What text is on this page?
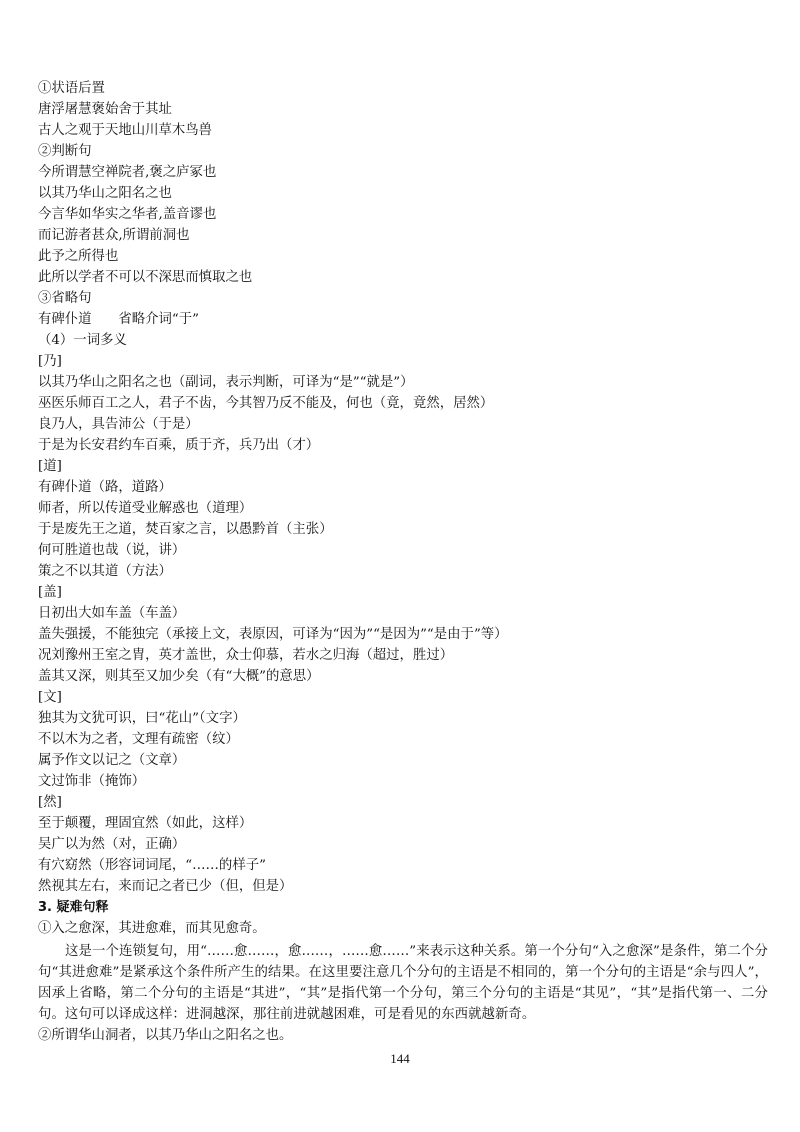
①状语后置
唐浮屠慧褒始舍于其址
古人之观于天地山川草木鸟兽
②判断句
今所谓慧空禅院者,褒之庐冢也
以其乃华山之阳名之也
今言华如华实之华者,盖音谬也
而记游者甚众,所谓前洞也
此予之所得也
此所以学者不可以不深思而慎取之也
③省略句
有碑仆道　　省略介词“于”
（4）一词多义
[乃]
以其乃华山之阳名之也（副词，表示判断，可译为“是”“就是”）
巫医乐师百工之人，君子不齿，今其智乃反不能及，何也（竟，竟然，居然）
良乃人，具告沛公（于是）
于是为长安君约车百乘，质于齐，兵乃出（才）
[道]
有碑仆道（路，道路）
师者，所以传道受业解惑也（道理）
于是废先王之道，焚百家之言，以愚黔首（主张）
何可胜道也哉（说，讲）
策之不以其道（方法）
[盖]
日初出大如车盖（车盖）
盖失强援，不能独完（承接上文，表原因，可译为“因为”“是因为”“是由于”等）
况刘豫州王室之胄，英才盖世，众士仰慕，若水之归海（超过，胜过）
盖其又深，则其至又加少矣（有“大概”的意思）
[文]
独其为文犹可识，曰“花山”（文字）
不以木为之者，文理有疏密（纹）
属予作文以记之（文章）
文过饰非（掩饰）
[然]
至于颠覆，理固宜然（如此，这样）
吴广以为然（对，正确）
有穴窈然（形容词词尾，“……的样子”
然视其左右，来而记之者已少（但，但是）
3. 疑难句释
①入之愈深，其进愈难，而其见愈奇。
这是一个连锁复句，用“……愈……，愈……，……愈……”来表示这种关系。第一个分句“入之愈深”是条件，第二个分句“其进愈难”是紧承这个条件所产生的结果。在这里要注意几个分句的主语是不相同的，第一个分句的主语是“余与四人”，因承上省略，第二个分句的主语是“其进”，“其”是指代第一个分句，第三个分句的主语是“其见”，“其”是指代第一、二分句。这句可以译成这样：进洞越深，那往前进就越困难，可是看见的东西就越新奇。
②所谓华山洞者，以其乃华山之阳名之也。
144
